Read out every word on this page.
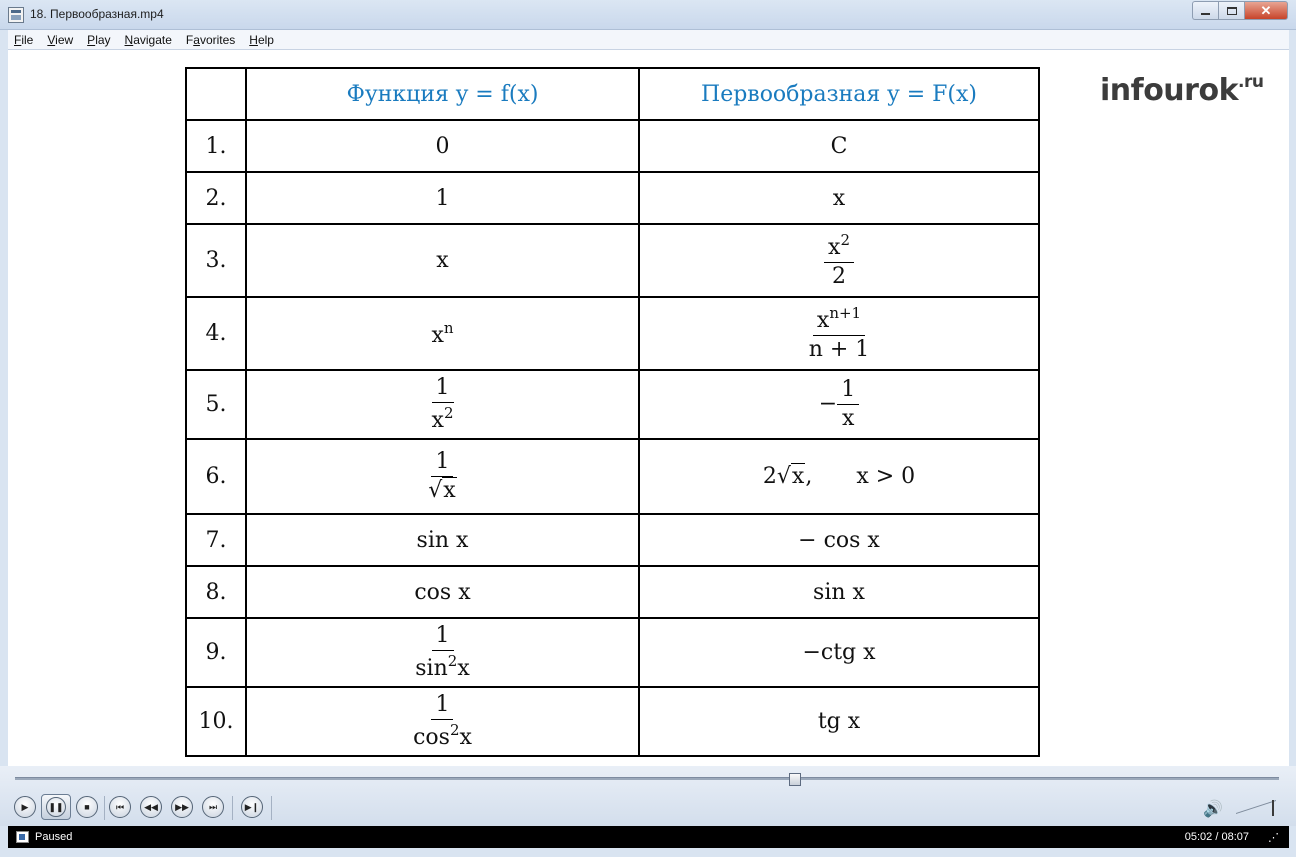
18. Первообразная.mp4	✕
File View Play Navigate Favorites Help
	Функция y = f(x)	Первообразная y = F(x)
1.	0	C
2.	1	x
3.	x	$\frac{x^2}{2}$

4.	$x^n$	$\frac{x^{n+1}}{n + 1}$

5.	$\frac{1}{x^2}$	− $\frac{1}{x}$

6.	$\frac{1}{√x}$	2√x, x > 0
7.	sin x	− cos x
8.	cos x	sin x
9.	$\frac{1}{\sin^2x}$	−ctg x
10.	$\frac{1}{\cos^2x}$	tg x
infourok$^{.ru}$
▶ ❚❚ ■	⏮ ◀◀ ▶▶ ⏭	▶❙	🔊
Paused	05:02 / 08:07 ⋰
